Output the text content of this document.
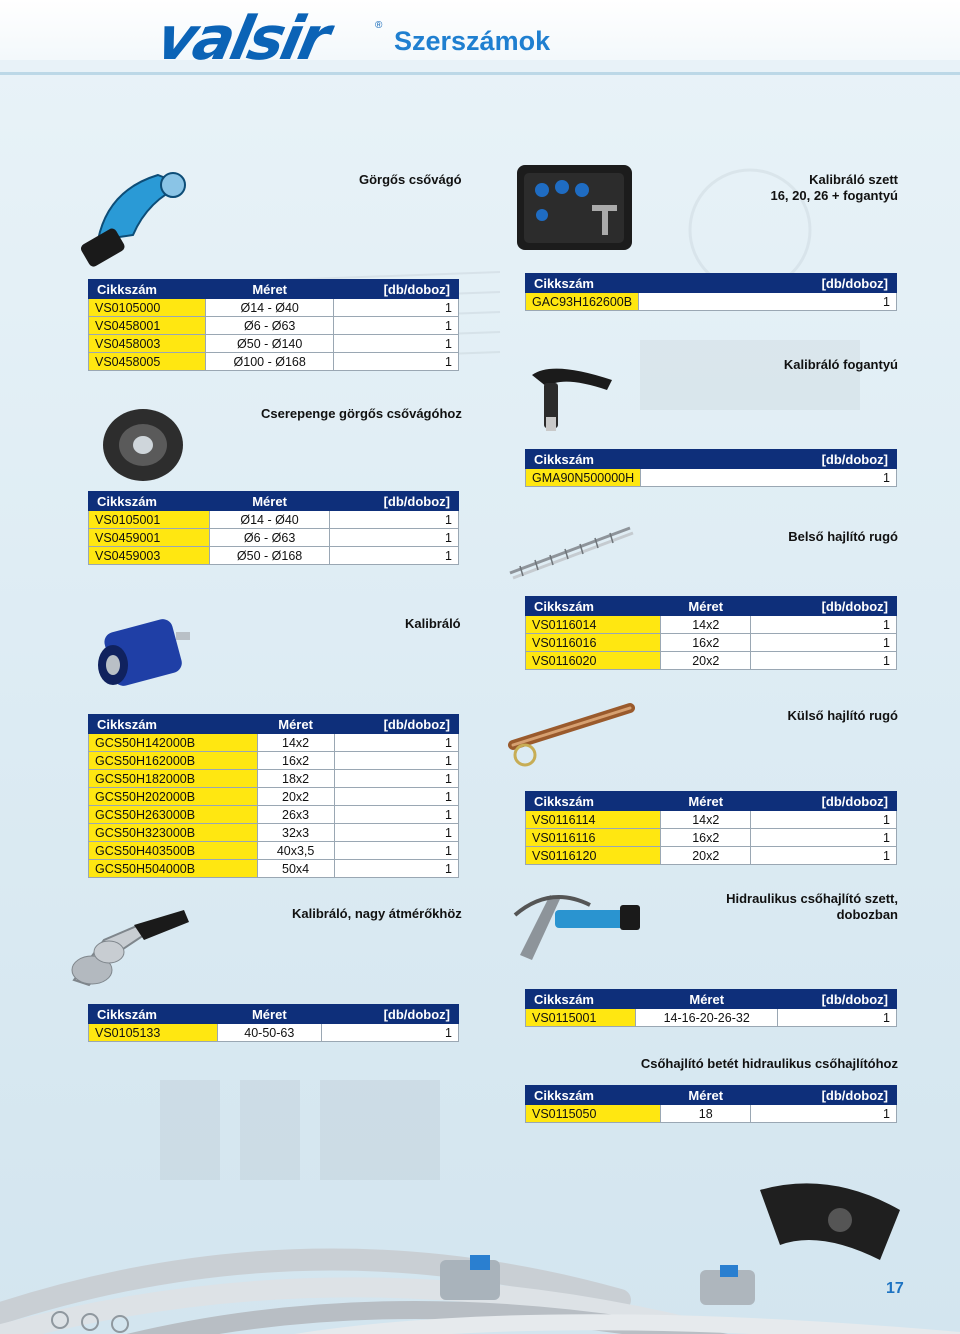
valsir	®
Szerszámok
Görgős csővágó
Cikkszám	Méret	[db/doboz]
VS0105000	Ø14 - Ø40	1
VS0458001	Ø6 - Ø63	1
VS0458003	Ø50 - Ø140	1
VS0458005	Ø100 - Ø168	1
Kalibráló szett
16, 20, 26 + fogantyú
Cikkszám	[db/doboz]
GAC93H162600B	1
Cserepenge görgős csővágóhoz
Cikkszám	Méret	[db/doboz]
VS0105001	Ø14 - Ø40	1
VS0459001	Ø6 - Ø63	1
VS0459003	Ø50 - Ø168	1
Kalibráló fogantyú
Cikkszám	[db/doboz]
GMA90N500000H	1
Belső hajlító rugó
Cikkszám	Méret	[db/doboz]
VS0116014	14x2	1
VS0116016	16x2	1
VS0116020	20x2	1
Kalibráló
Cikkszám	Méret	[db/doboz]
GCS50H142000B	14x2	1
GCS50H162000B	16x2	1
GCS50H182000B	18x2	1
GCS50H202000B	20x2	1
GCS50H263000B	26x3	1
GCS50H323000B	32x3	1
GCS50H403500B	40x3,5	1
GCS50H504000B	50x4	1
Külső hajlító rugó
Cikkszám	Méret	[db/doboz]
VS0116114	14x2	1
VS0116116	16x2	1
VS0116120	20x2	1
Kalibráló, nagy átmérőkhöz
Cikkszám	Méret	[db/doboz]
VS0105133	40-50-63	1
Hidraulikus csőhajlító szett,
dobozban
Cikkszám	Méret	[db/doboz]
VS0115001	14-16-20-26-32	1
Csőhajlító betét hidraulikus csőhajlítóhoz
Cikkszám	Méret	[db/doboz]
VS0115050	18	1
17
